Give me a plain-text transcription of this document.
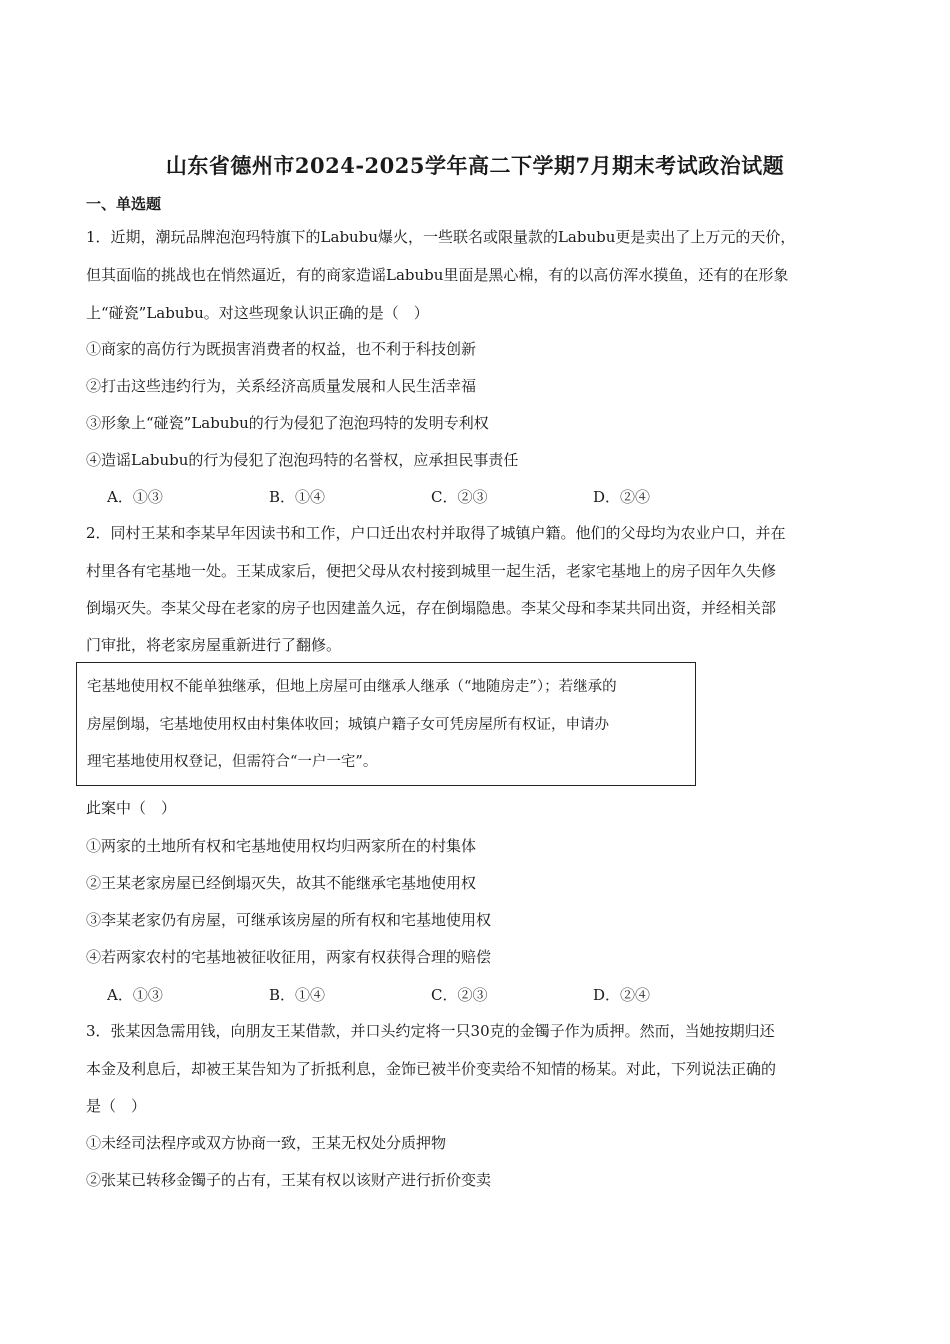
山东省德州市2024-2025学年高二下学期7月期末考试政治试题
一、单选题
1．近期，潮玩品牌泡泡玛特旗下的Labubu爆火，一些联名或限量款的Labubu更是卖出了上万元的天价，
但其面临的挑战也在悄然逼近，有的商家造谣Labubu里面是黑心棉，有的以高仿浑水摸鱼，还有的在形象
上“碰瓷”Labubu。对这些现象认识正确的是（　）
①商家的高仿行为既损害消费者的权益，也不利于科技创新
②打击这些违约行为，关系经济高质量发展和人民生活幸福
③形象上“碰瓷”Labubu的行为侵犯了泡泡玛特的发明专利权
④造谣Labubu的行为侵犯了泡泡玛特的名誉权，应承担民事责任
A．①③	B．①④	C．②③	D．②④
2．同村王某和李某早年因读书和工作，户口迁出农村并取得了城镇户籍。他们的父母均为农业户口，并在
村里各有宅基地一处。王某成家后，便把父母从农村接到城里一起生活，老家宅基地上的房子因年久失修
倒塌灭失。李某父母在老家的房子也因建盖久远，存在倒塌隐患。李某父母和李某共同出资，并经相关部
门审批，将老家房屋重新进行了翻修。
宅基地使用权不能单独继承，但地上房屋可由继承人继承（“地随房走”）；若继承的
房屋倒塌，宅基地使用权由村集体收回；城镇户籍子女可凭房屋所有权证，申请办
理宅基地使用权登记，但需符合“一户一宅”。
此案中（　）
①两家的土地所有权和宅基地使用权均归两家所在的村集体
②王某老家房屋已经倒塌灭失，故其不能继承宅基地使用权
③李某老家仍有房屋，可继承该房屋的所有权和宅基地使用权
④若两家农村的宅基地被征收征用，两家有权获得合理的赔偿
A．①③	B．①④	C．②③	D．②④
3．张某因急需用钱，向朋友王某借款，并口头约定将一只30克的金镯子作为质押。然而，当她按期归还
本金及利息后，却被王某告知为了折抵利息，金饰已被半价变卖给不知情的杨某。对此，下列说法正确的
是（　）
①未经司法程序或双方协商一致，王某无权处分质押物
②张某已转移金镯子的占有，王某有权以该财产进行折价变卖
